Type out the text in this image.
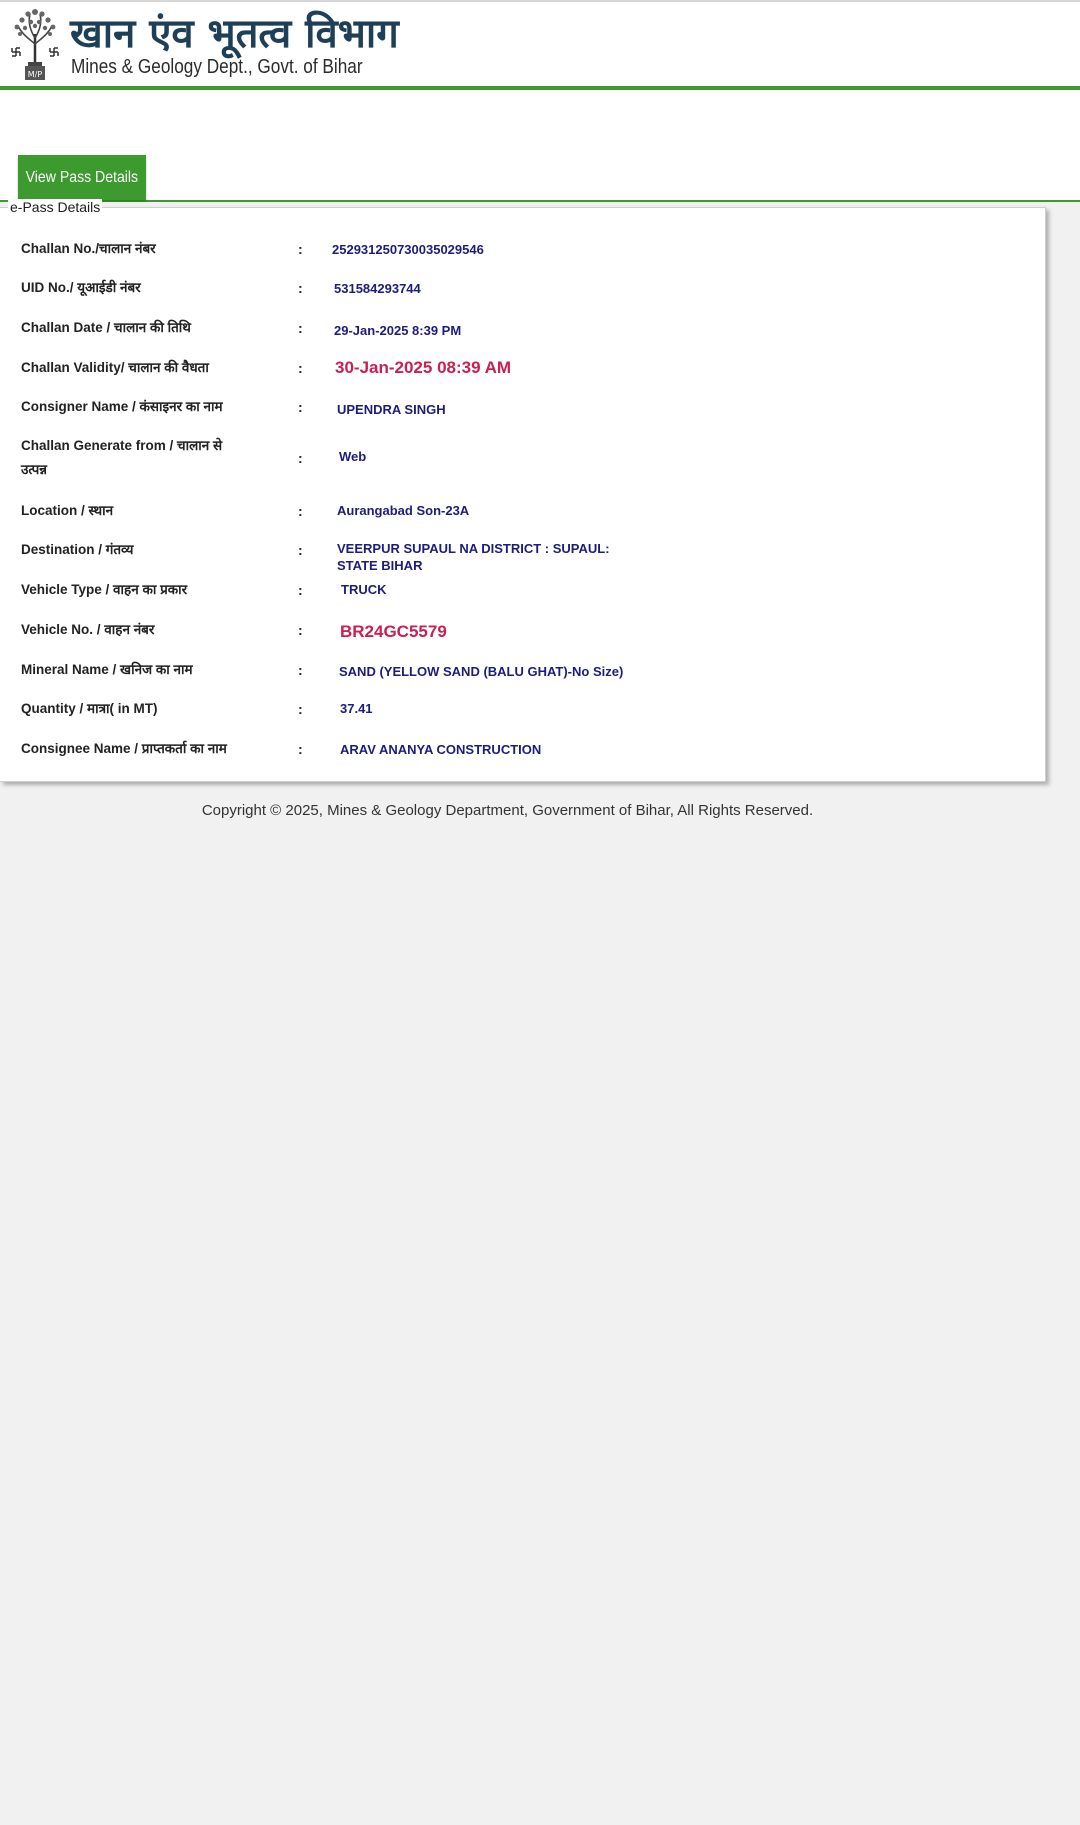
M/P
खान एंव भूतत्व विभाग
Mines & Geology Dept., Govt. of Bihar
View Pass Details
e-Pass Details
Challan No./चालान नंबर	: 252931250730035029546
UID No./ यूआईडी नंबर	: 531584293744
Challan Date / चालान की तिथि	: 29-Jan-2025 8:39 PM
Challan Validity/ चालान की वैधता	: 30-Jan-2025 08:39 AM
Consigner Name / कंसाइनर का नाम	:	UPENDRA SINGH
Challan Generate from / चालान से
उत्पन्न
:	Web
Location / स्थान	:	Aurangabad Son-23A
Destination / गंतव्य	:	VEERPUR SUPAUL NA DISTRICT : SUPAUL:
STATE BIHAR
Vehicle Type / वाहन का प्रकार	:	TRUCK
Vehicle No. / वाहन नंबर	: BR24GC5579
Mineral Name / खनिज का नाम	:	SAND (YELLOW SAND (BALU GHAT)-No Size)
Quantity / मात्रा( in MT)	:	37.41
Consignee Name / प्राप्तकर्ता का नाम	:	ARAV ANANYA CONSTRUCTION
Copyright © 2025, Mines & Geology Department, Government of Bihar, All Rights Reserved.
